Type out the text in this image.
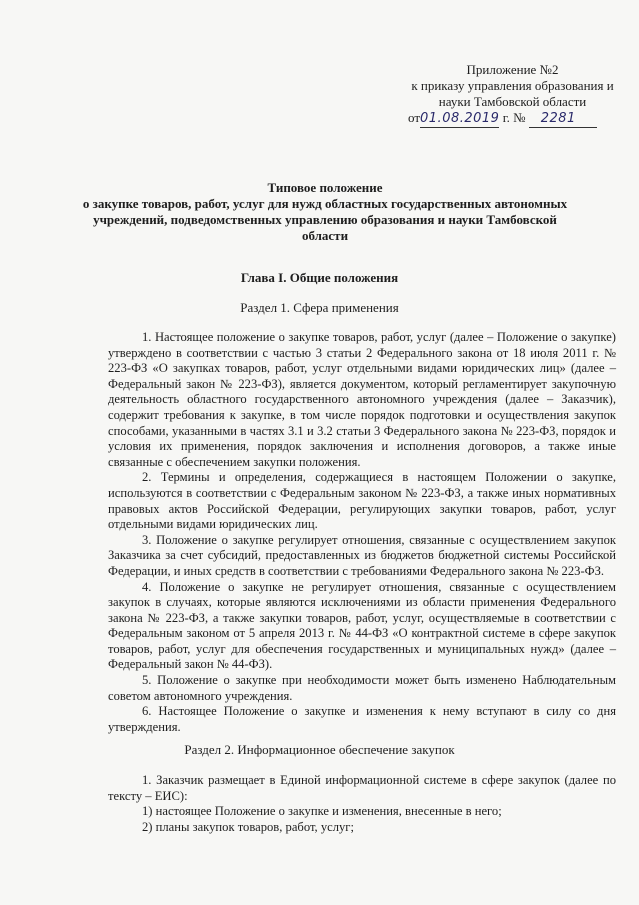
Приложение №2
к приказу управления образования и
науки Тамбовской области
от01.08.2019 г. № 2281
Типовое положение
о закупке товаров, работ, услуг для нужд областных государственных автономных
учреждений, подведомственных управлению образования и науки Тамбовской
области
Глава I. Общие положения
Раздел 1. Сфера применения

1. Настоящее положение о закупке товаров, работ, услуг (далее – Положение о закупке) утверждено в соответствии с частью 3 статьи 2 Федерального закона от 18 июля 2011 г. № 223-ФЗ «О закупках товаров, работ, услуг отдельными видами юридических лиц» (далее – Федеральный закон № 223-ФЗ), является документом, который регламентирует закупочную деятельность областного государственного автономного учреждения (далее – Заказчик), содержит требования к закупке, в том числе порядок подготовки и осуществления закупок способами, указанными в частях 3.1 и 3.2 статьи 3 Федерального закона № 223-ФЗ, порядок и условия их применения, порядок заключения и исполнения договоров, а также иные связанные с обеспечением закупки положения.

2. Термины и определения, содержащиеся в настоящем Положении о закупке, используются в соответствии с Федеральным законом № 223-ФЗ, а также иных нормативных правовых актов Российской Федерации, регулирующих закупки товаров, работ, услуг отдельными видами юридических лиц.

3. Положение о закупке регулирует отношения, связанные с осуществлением закупок Заказчика за счет субсидий, предоставленных из бюджетов бюджетной системы Российской Федерации, и иных средств в соответствии с требованиями Федерального закона № 223-ФЗ.

4. Положение о закупке не регулирует отношения, связанные с осуществлением закупок в случаях, которые являются исключениями из области применения Федерального закона № 223-ФЗ, а также закупки товаров, работ, услуг, осуществляемые в соответствии с Федеральным законом от 5 апреля 2013 г. № 44-ФЗ «О контрактной системе в сфере закупок товаров, работ, услуг для обеспечения государственных и муниципальных нужд» (далее – Федеральный закон № 44-ФЗ).

5. Положение о закупке при необходимости может быть изменено Наблюдательным советом автономного учреждения.

6. Настоящее Положение о закупке и изменения к нему вступают в силу со дня утверждения.

Раздел 2. Информационное обеспечение закупок

1. Заказчик размещает в Единой информационной системе в сфере закупок (далее по тексту – ЕИС):

1) настоящее Положение о закупке и изменения, внесенные в него;

2) планы закупок товаров, работ, услуг;
